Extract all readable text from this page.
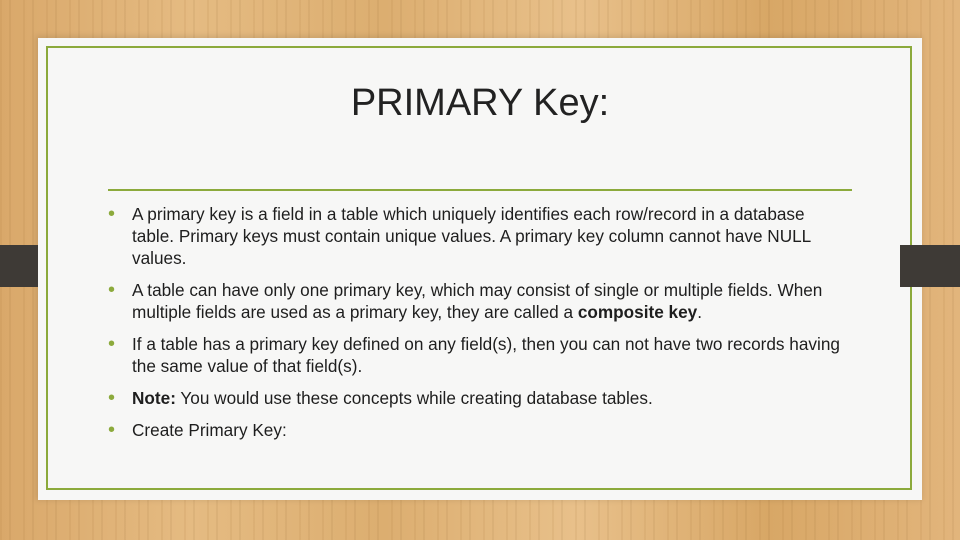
PRIMARY Key:
• A primary key is a field in a table which uniquely identifies each row/record in a database table. Primary keys must contain unique values. A primary key column cannot have NULL values.
• A table can have only one primary key, which may consist of single or multiple fields. When multiple fields are used as a primary key, they are called a composite key.
• If a table has a primary key defined on any field(s), then you can not have two records having the same value of that field(s).
• Note: You would use these concepts while creating database tables.
• Create Primary Key:
